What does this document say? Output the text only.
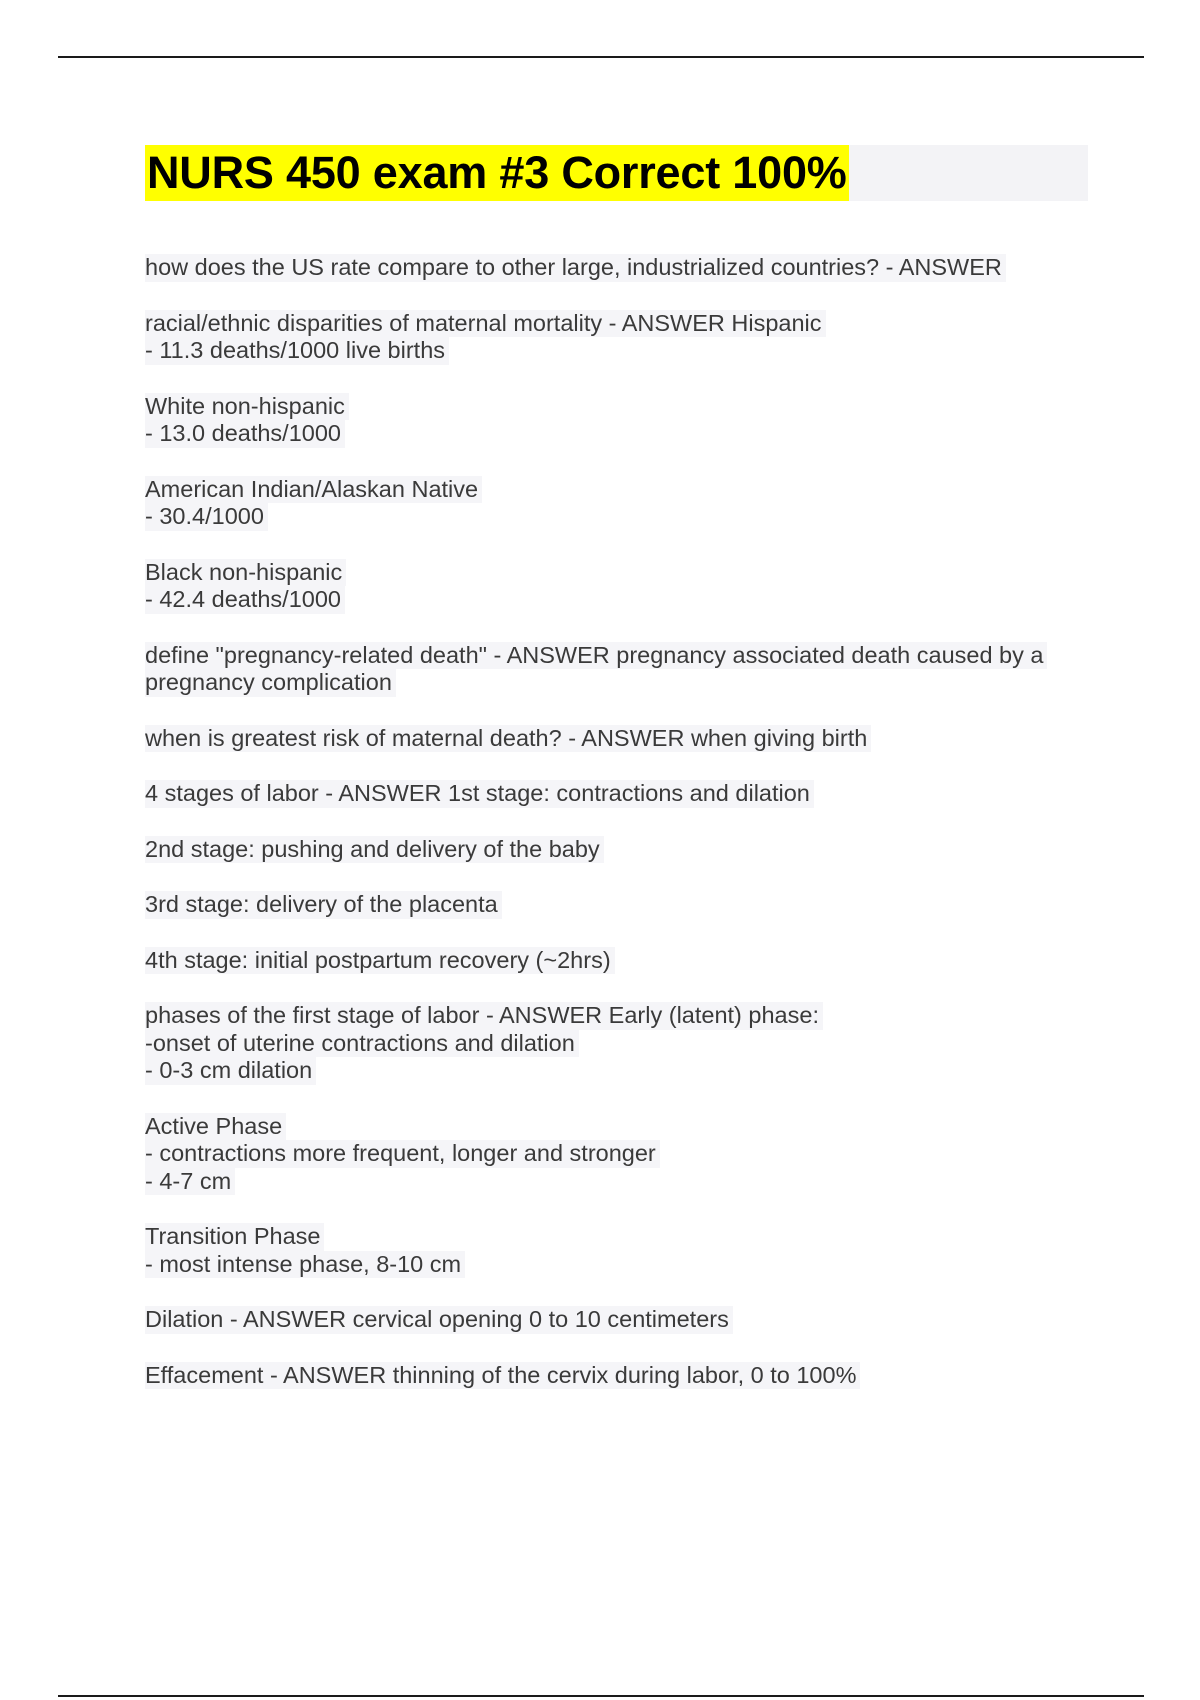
NURS 450 exam #3 Correct 100%

how does the US rate compare to other large, industrialized countries? - ANSWER

racial/ethnic disparities of maternal mortality - ANSWER Hispanic
- 11.3 deaths/1000 live births

White non-hispanic
- 13.0 deaths/1000

American Indian/Alaskan Native
- 30.4/1000

Black non-hispanic
- 42.4 deaths/1000

define "pregnancy-related death" - ANSWER pregnancy associated death caused by a
pregnancy complication

when is greatest risk of maternal death? - ANSWER when giving birth

4 stages of labor - ANSWER 1st stage: contractions and dilation

2nd stage: pushing and delivery of the baby

3rd stage: delivery of the placenta

4th stage: initial postpartum recovery (~2hrs)

phases of the first stage of labor - ANSWER Early (latent) phase:
-onset of uterine contractions and dilation
- 0-3 cm dilation

Active Phase
- contractions more frequent, longer and stronger
- 4-7 cm

Transition Phase
- most intense phase, 8-10 cm

Dilation - ANSWER cervical opening 0 to 10 centimeters

Effacement - ANSWER thinning of the cervix during labor, 0 to 100%
